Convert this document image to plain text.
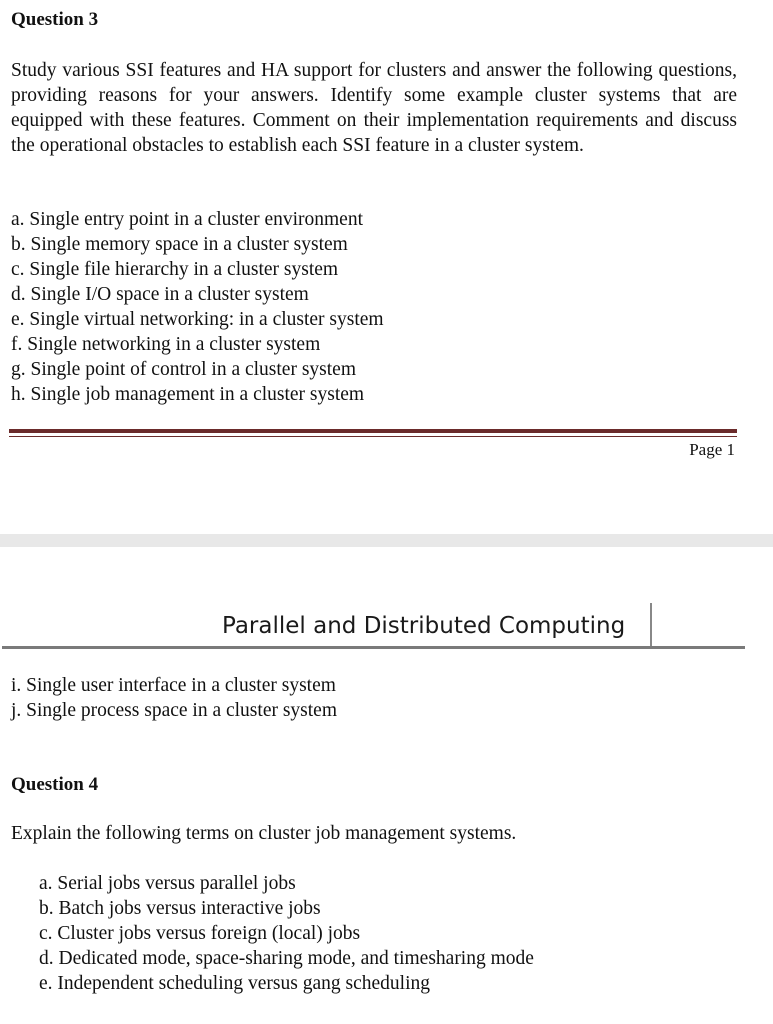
Question 3
Study various SSI features and HA support for clusters and answer the following questions, providing reasons for your answers. Identify some example cluster systems that are equipped with these features. Comment on their implementation requirements and discuss the operational obstacles to establish each SSI feature in a cluster system.
a. Single entry point in a cluster environment
b. Single memory space in a cluster system
c. Single file hierarchy in a cluster system
d. Single I/O space in a cluster system
e. Single virtual networking: in a cluster system
f. Single networking in a cluster system
g. Single point of control in a cluster system
h. Single job management in a cluster system
Page 1
Parallel and Distributed Computing
i. Single user interface in a cluster system
j. Single process space in a cluster system
Question 4
Explain the following terms on cluster job management systems.
a. Serial jobs versus parallel jobs
b. Batch jobs versus interactive jobs
c. Cluster jobs versus foreign (local) jobs
d. Dedicated mode, space-sharing mode, and timesharing mode
e. Independent scheduling versus gang scheduling
